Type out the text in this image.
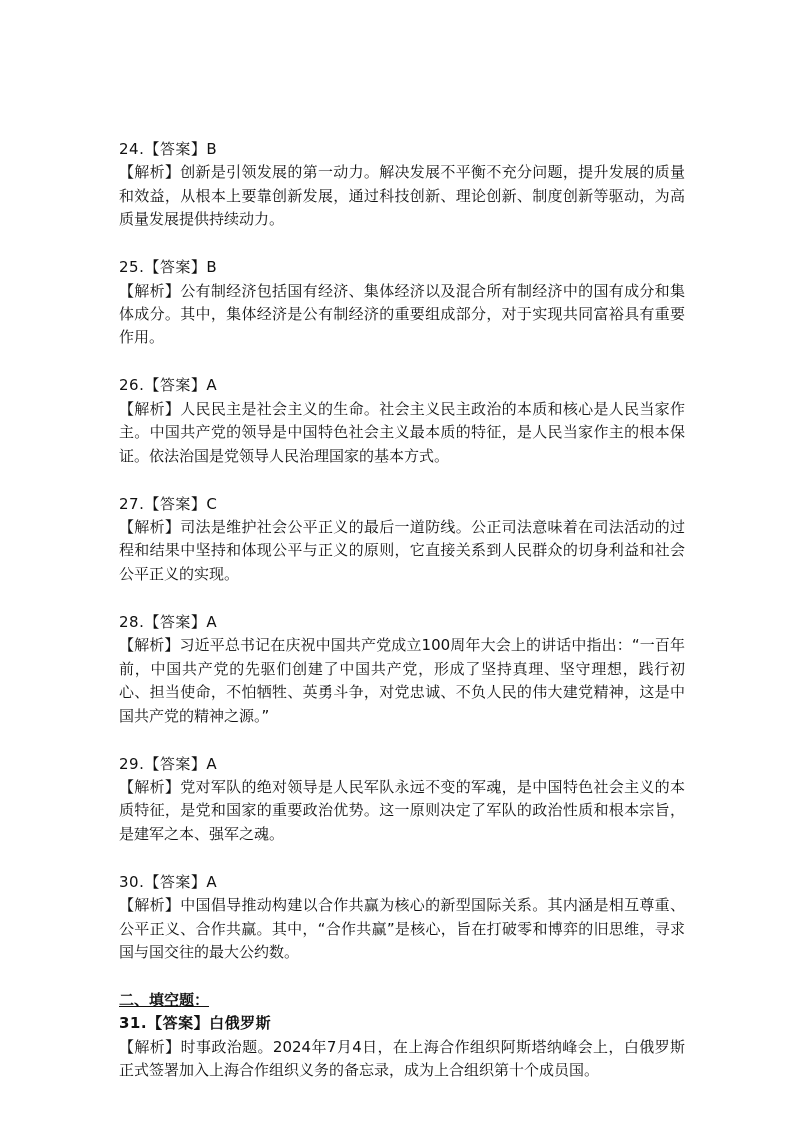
24.【答案】B

【解析】创新是引领发展的第一动力。解决发展不平衡不充分问题，提升发展的质量和效益，从根本上要靠创新发展，通过科技创新、理论创新、制度创新等驱动，为高质量发展提供持续动力。

25.【答案】B

【解析】公有制经济包括国有经济、集体经济以及混合所有制经济中的国有成分和集体成分。其中，集体经济是公有制经济的重要组成部分，对于实现共同富裕具有重要作用。

26.【答案】A

【解析】人民民主是社会主义的生命。社会主义民主政治的本质和核心是人民当家作主。中国共产党的领导是中国特色社会主义最本质的特征，是人民当家作主的根本保证。依法治国是党领导人民治理国家的基本方式。

27.【答案】C

【解析】司法是维护社会公平正义的最后一道防线。公正司法意味着在司法活动的过程和结果中坚持和体现公平与正义的原则，它直接关系到人民群众的切身利益和社会公平正义的实现。

28.【答案】A

【解析】习近平总书记在庆祝中国共产党成立100周年大会上的讲话中指出：“一百年前，中国共产党的先驱们创建了中国共产党，形成了坚持真理、坚守理想，践行初心、担当使命，不怕牺牲、英勇斗争，对党忠诚、不负人民的伟大建党精神，这是中国共产党的精神之源。”

29.【答案】A

【解析】党对军队的绝对领导是人民军队永远不变的军魂，是中国特色社会主义的本质特征，是党和国家的重要政治优势。这一原则决定了军队的政治性质和根本宗旨，是建军之本、强军之魂。

30.【答案】A

【解析】中国倡导推动构建以合作共赢为核心的新型国际关系。其内涵是相互尊重、公平正义、合作共赢。其中，“合作共赢”是核心，旨在打破零和博弈的旧思维，寻求国与国交往的最大公约数。

二、填空题：

31.【答案】白俄罗斯

【解析】时事政治题。2024年7月4日，在上海合作组织阿斯塔纳峰会上，白俄罗斯正式签署加入上海合作组织义务的备忘录，成为上合组织第十个成员国。
